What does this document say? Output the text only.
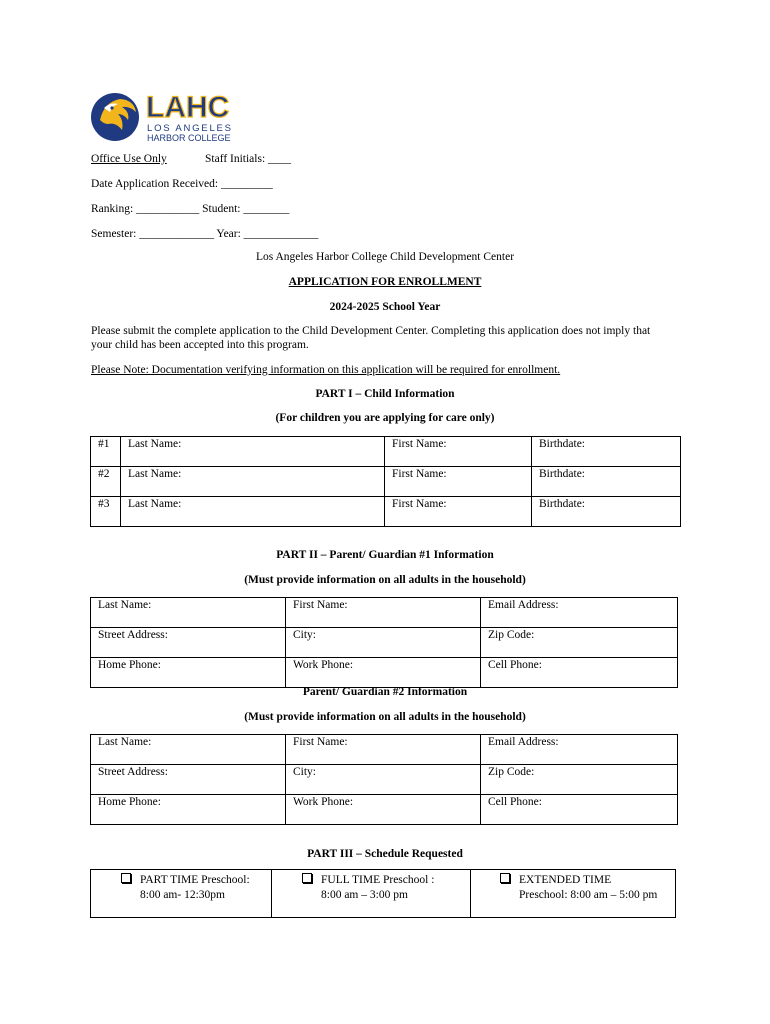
LAHC
LOS ANGELES
HARBOR COLLEGE
Office Use Only	Staff Initials: ____
Date Application Received: _________
Ranking: ___________ Student: ________
Semester: _____________ Year: _____________
Los Angeles Harbor College Child Development Center
APPLICATION FOR ENROLLMENT
2024-2025 School Year
Please submit the complete application to the Child Development Center. Completing this application does not imply that
your child has been accepted into this program.
Please Note: Documentation verifying information on this application will be required for enrollment.
PART I – Child Information
(For children you are applying for care only)
#1	Last Name:	First Name:	Birthdate:
#2	Last Name:	First Name:	Birthdate:
#3	Last Name:	First Name:	Birthdate:
PART II – Parent/ Guardian #1 Information
(Must provide information on all adults in the household)
Last Name:	First Name:	Email Address:
Street Address:	City:	Zip Code:
Home Phone:	Work Phone:	Cell Phone:
Parent/ Guardian #2 Information
(Must provide information on all adults in the household)
Last Name:	First Name:	Email Address:
Street Address:	City:	Zip Code:
Home Phone:	Work Phone:	Cell Phone:
PART III – Schedule Requested
PART TIME Preschool:
8:00 am- 12:30pm

FULL TIME Preschool :
8:00 am – 3:00 pm

EXTENDED TIME
Preschool: 8:00 am – 5:00 pm
